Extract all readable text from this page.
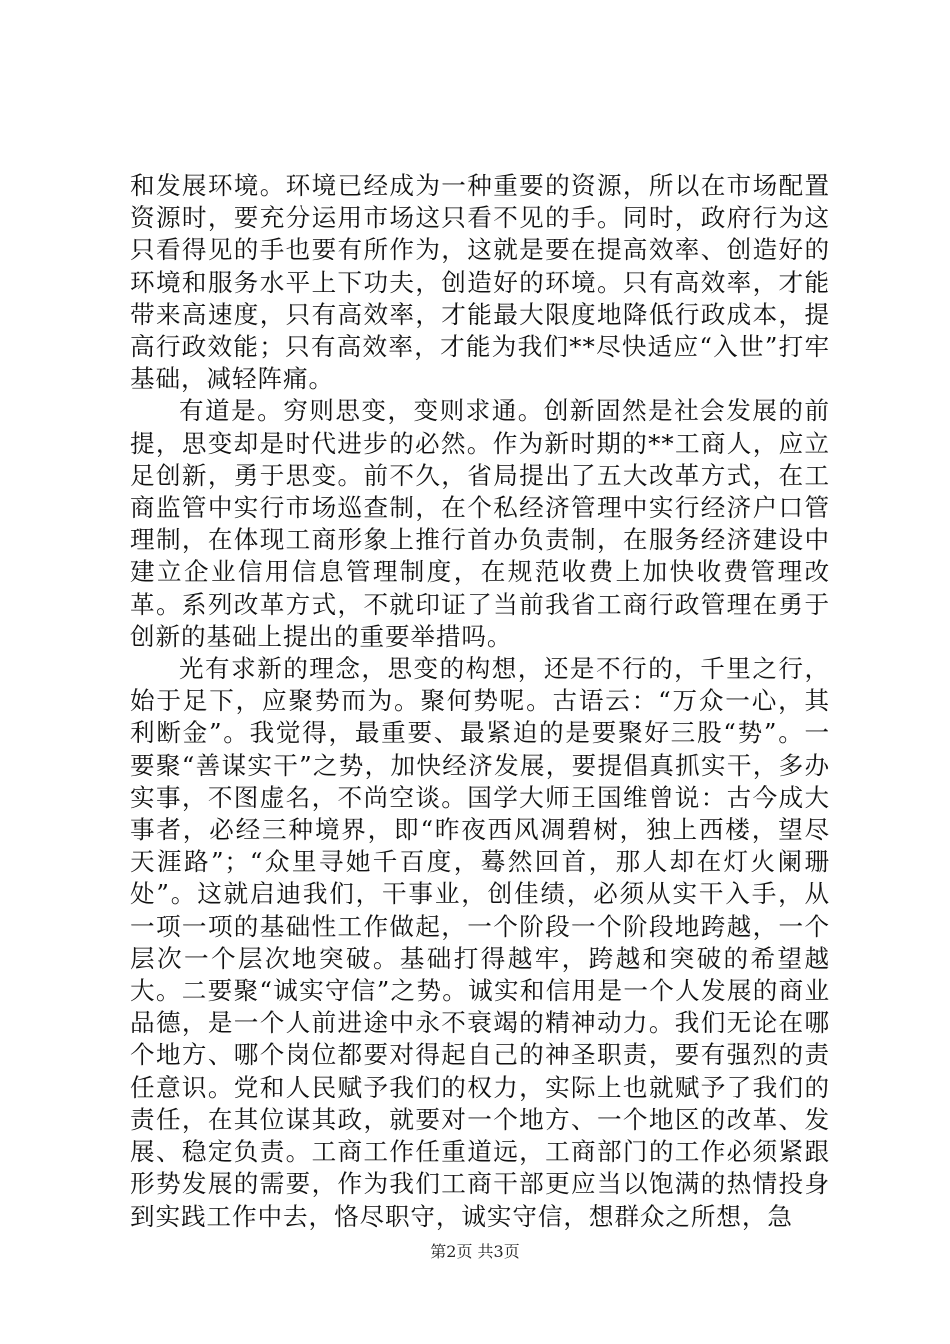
和发展环境。环境已经成为一种重要的资源，所以在市场配置资源时，要充分运用市场这只看不见的手。同时，政府行为这只看得见的手也要有所作为，这就是要在提高效率、创造好的环境和服务水平上下功夫，创造好的环境。只有高效率，才能带来高速度，只有高效率，才能最大限度地降低行政成本，提高行政效能；只有高效率，才能为我们**尽快适应“入世”打牢基础，减轻阵痛。

有道是。穷则思变，变则求通。创新固然是社会发展的前提，思变却是时代进步的必然。作为新时期的**工商人，应立足创新，勇于思变。前不久，省局提出了五大改革方式，在工商监管中实行市场巡查制，在个私经济管理中实行经济户口管理制，在体现工商形象上推行首办负责制，在服务经济建设中建立企业信用信息管理制度，在规范收费上加快收费管理改革。系列改革方式，不就印证了当前我省工商行政管理在勇于创新的基础上提出的重要举措吗。

光有求新的理念，思变的构想，还是不行的，千里之行，始于足下，应聚势而为。聚何势呢。古语云：“万众一心，其利断金”。我觉得，最重要、最紧迫的是要聚好三股“势”。一要聚“善谋实干”之势，加快经济发展，要提倡真抓实干，多办实事，不图虚名，不尚空谈。国学大师王国维曾说：古今成大事者，必经三种境界，即“昨夜西风凋碧树，独上西楼，望尽天涯路”；“众里寻她千百度，蓦然回首，那人却在灯火阑珊处”。这就启迪我们，干事业，创佳绩，必须从实干入手，从一项一项的基础性工作做起，一个阶段一个阶段地跨越，一个层次一个层次地突破。基础打得越牢，跨越和突破的希望越大。二要聚“诚实守信”之势。诚实和信用是一个人发展的商业品德，是一个人前进途中永不衰竭的精神动力。我们无论在哪个地方、哪个岗位都要对得起自己的神圣职责，要有强烈的责任意识。党和人民赋予我们的权力，实际上也就赋予了我们的责任，在其位谋其政，就要对一个地方、一个地区的改革、发展、稳定负责。工商工作任重道远，工商部门的工作必须紧跟形势发展的需要，作为我们工商干部更应当以饱满的热情投身到实践工作中去，恪尽职守，诚实守信，想群众之所想，急

第2页 共3页
